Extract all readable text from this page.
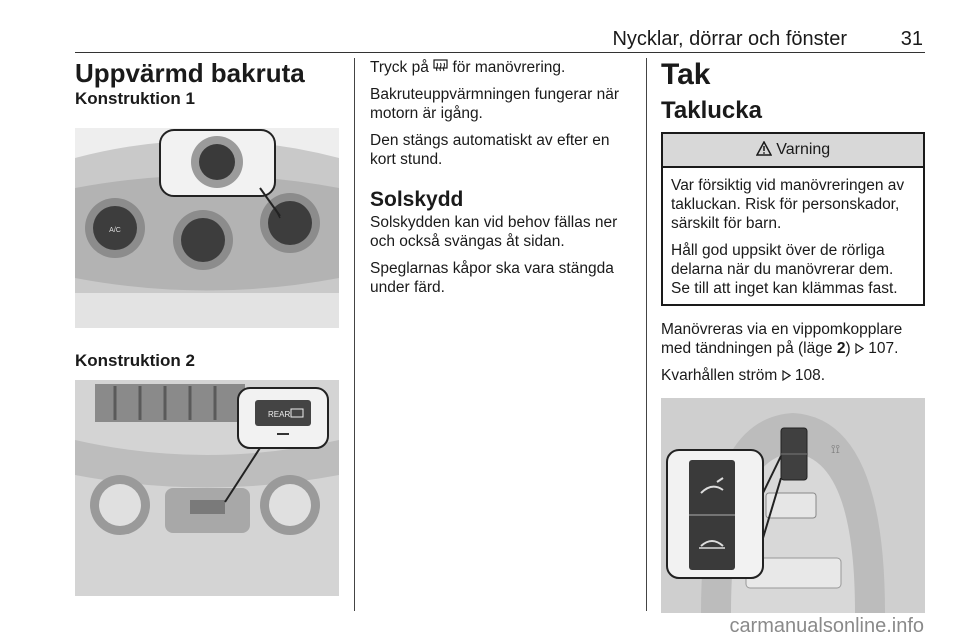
Nycklar, dörrar och fönster	31
Uppvärmd bakruta
Konstruktion 1
A/C
Konstruktion 2
REAR

Tryck på  för manövrering.

Bakruteuppvärmningen fungerar när motorn är igång.

Den stängs automatiskt av efter en kort stund.

Solskydd

Solskydden kan vid behov fällas ner och också svängas åt sidan.

Speglarnas kåpor ska vara stängda under färd.

Tak
Taklucka
Varning

Var försiktig vid manövreringen av takluckan. Risk för personskador, särskilt för barn.

Håll god uppsikt över de rörliga delarna när du manövrerar dem. Se till att inget kan klämmas fast.

Manövreras via en vippomkopplare med tändningen på (läge 2)  107.

Kvarhållen ström  108.

⟟⟟
carmanualsonline.info
